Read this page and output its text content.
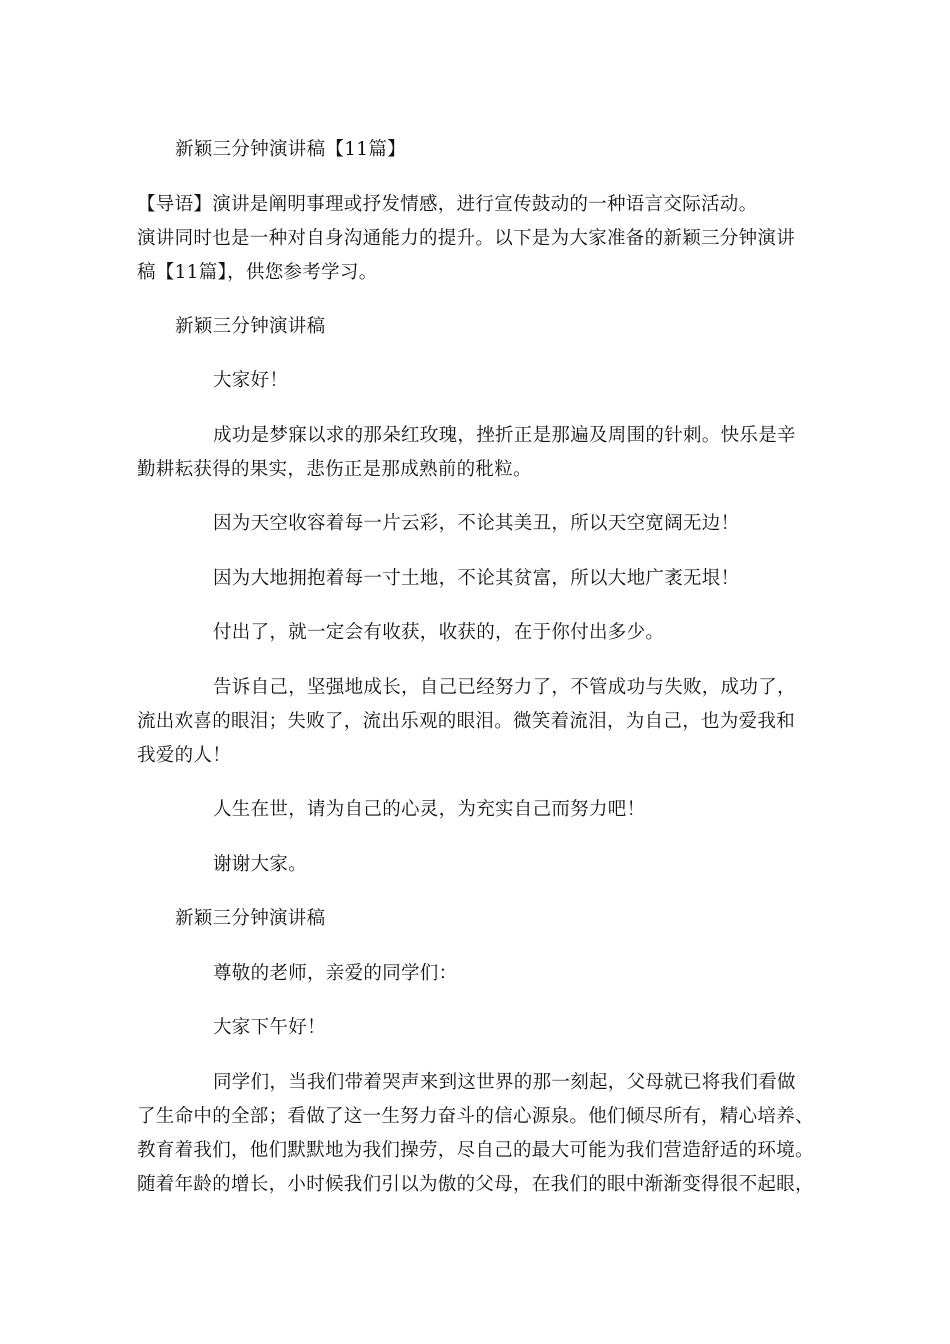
新颖三分钟演讲稿【11篇】

【导语】演讲是阐明事理或抒发情感，进行宣传鼓动的一种语言交际活动。

演讲同时也是一种对自身沟通能力的提升。以下是为大家准备的新颖三分钟演讲

稿【11篇】，供您参考学习。

新颖三分钟演讲稿

大家好！

成功是梦寐以求的那朵红玫瑰，挫折正是那遍及周围的针刺。快乐是辛

勤耕耘获得的果实，悲伤正是那成熟前的秕粒。

因为天空收容着每一片云彩，不论其美丑，所以天空宽阔无边！

因为大地拥抱着每一寸土地，不论其贫富，所以大地广袤无垠！

付出了，就一定会有收获，收获的，在于你付出多少。

告诉自己，坚强地成长，自己已经努力了，不管成功与失败，成功了，

流出欢喜的眼泪；失败了，流出乐观的眼泪。微笑着流泪，为自己，也为爱我和

我爱的人！

人生在世，请为自己的心灵，为充实自己而努力吧！

谢谢大家。

新颖三分钟演讲稿

尊敬的老师，亲爱的同学们：

大家下午好！

同学们，当我们带着哭声来到这世界的那一刻起，父母就已将我们看做

了生命中的全部；看做了这一生努力奋斗的信心源泉。他们倾尽所有，精心培养、

教育着我们，他们默默地为我们操劳，尽自己的最大可能为我们营造舒适的环境。

随着年龄的增长，小时候我们引以为傲的父母，在我们的眼中渐渐变得很不起眼，
